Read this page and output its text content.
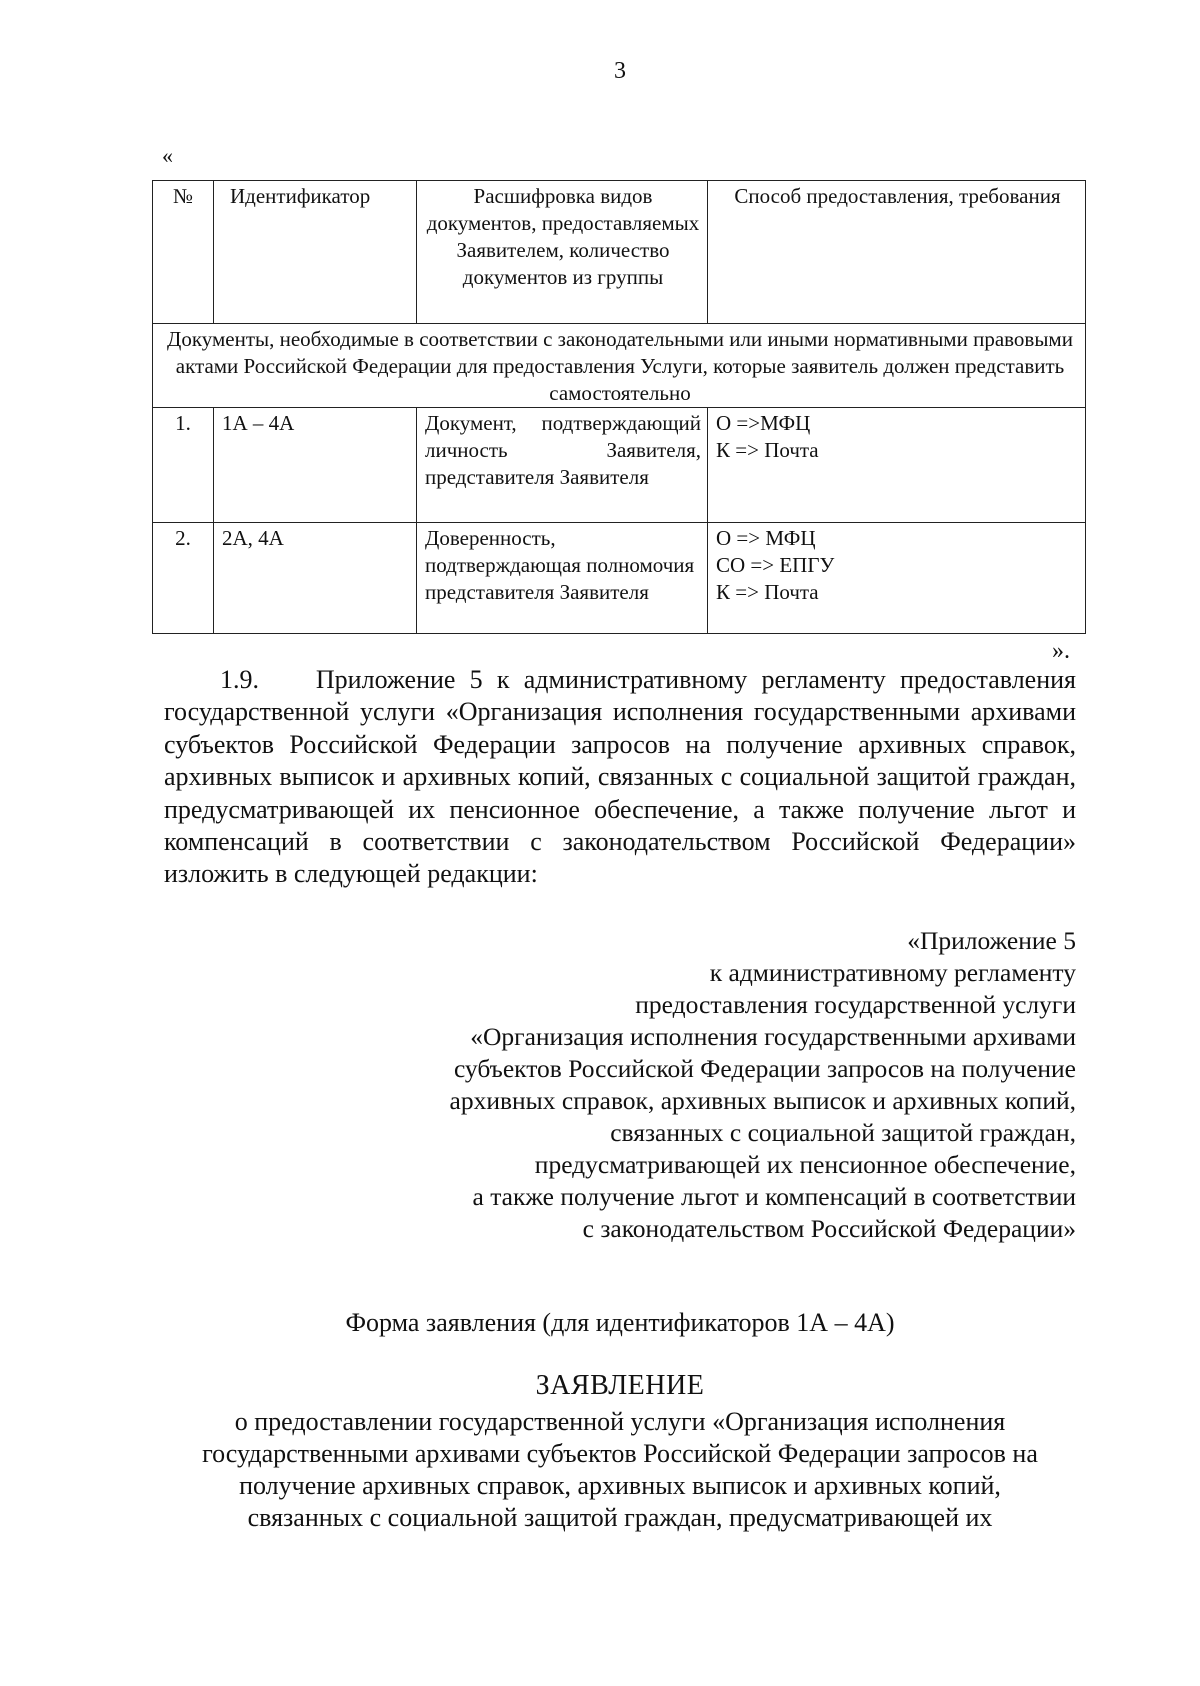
3
«
№	Идентификатор	Расшифровка видов документов, предоставляемых Заявителем, количество документов из группы	Способ предоставления, требования
Документы, необходимые в соответствии с законодательными или иными нормативными правовыми актами Российской Федерации для предоставления Услуги, которые заявитель должен представить самостоятельно			
1.	1А – 4А	Документ, подтверждающий личность Заявителя, представителя Заявителя	О =>МФЦ
К => Почта

2.	2А, 4А	Доверенность, подтверждающая полномочия представителя Заявителя	О => МФЦ
СО => ЕПГУ
К => Почта
».
1.9. Приложение 5 к административному регламенту предоставления государственной услуги «Организация исполнения государственными архивами субъектов Российской Федерации запросов на получение архивных справок, архивных выписок и архивных копий, связанных с социальной защитой граждан, предусматривающей их пенсионное обеспечение, а также получение льгот и компенсаций в соответствии с законодательством Российской Федерации» изложить в следующей редакции:
«Приложение 5
к административному регламенту
предоставления государственной услуги
«Организация исполнения государственными архивами
субъектов Российской Федерации запросов на получение
архивных справок, архивных выписок и архивных копий,
связанных с социальной защитой граждан,
предусматривающей их пенсионное обеспечение,
а также получение льгот и компенсаций в соответствии
с законодательством Российской Федерации»
Форма заявления (для идентификаторов 1А – 4А)
ЗАЯВЛЕНИЕ
о предоставлении государственной услуги «Организация исполнения
государственными архивами субъектов Российской Федерации запросов на
получение архивных справок, архивных выписок и архивных копий,
связанных с социальной защитой граждан, предусматривающей их
